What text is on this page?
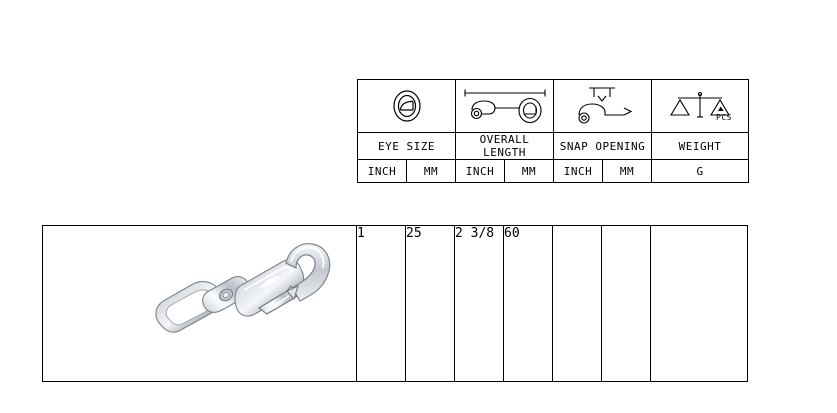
PCS

EYE SIZE		OVERALL LENGTH		SNAP OPENING		WEIGHT
INCH	MM	INCH	MM	INCH	MM	G
	1	25	2 3/8	60			
